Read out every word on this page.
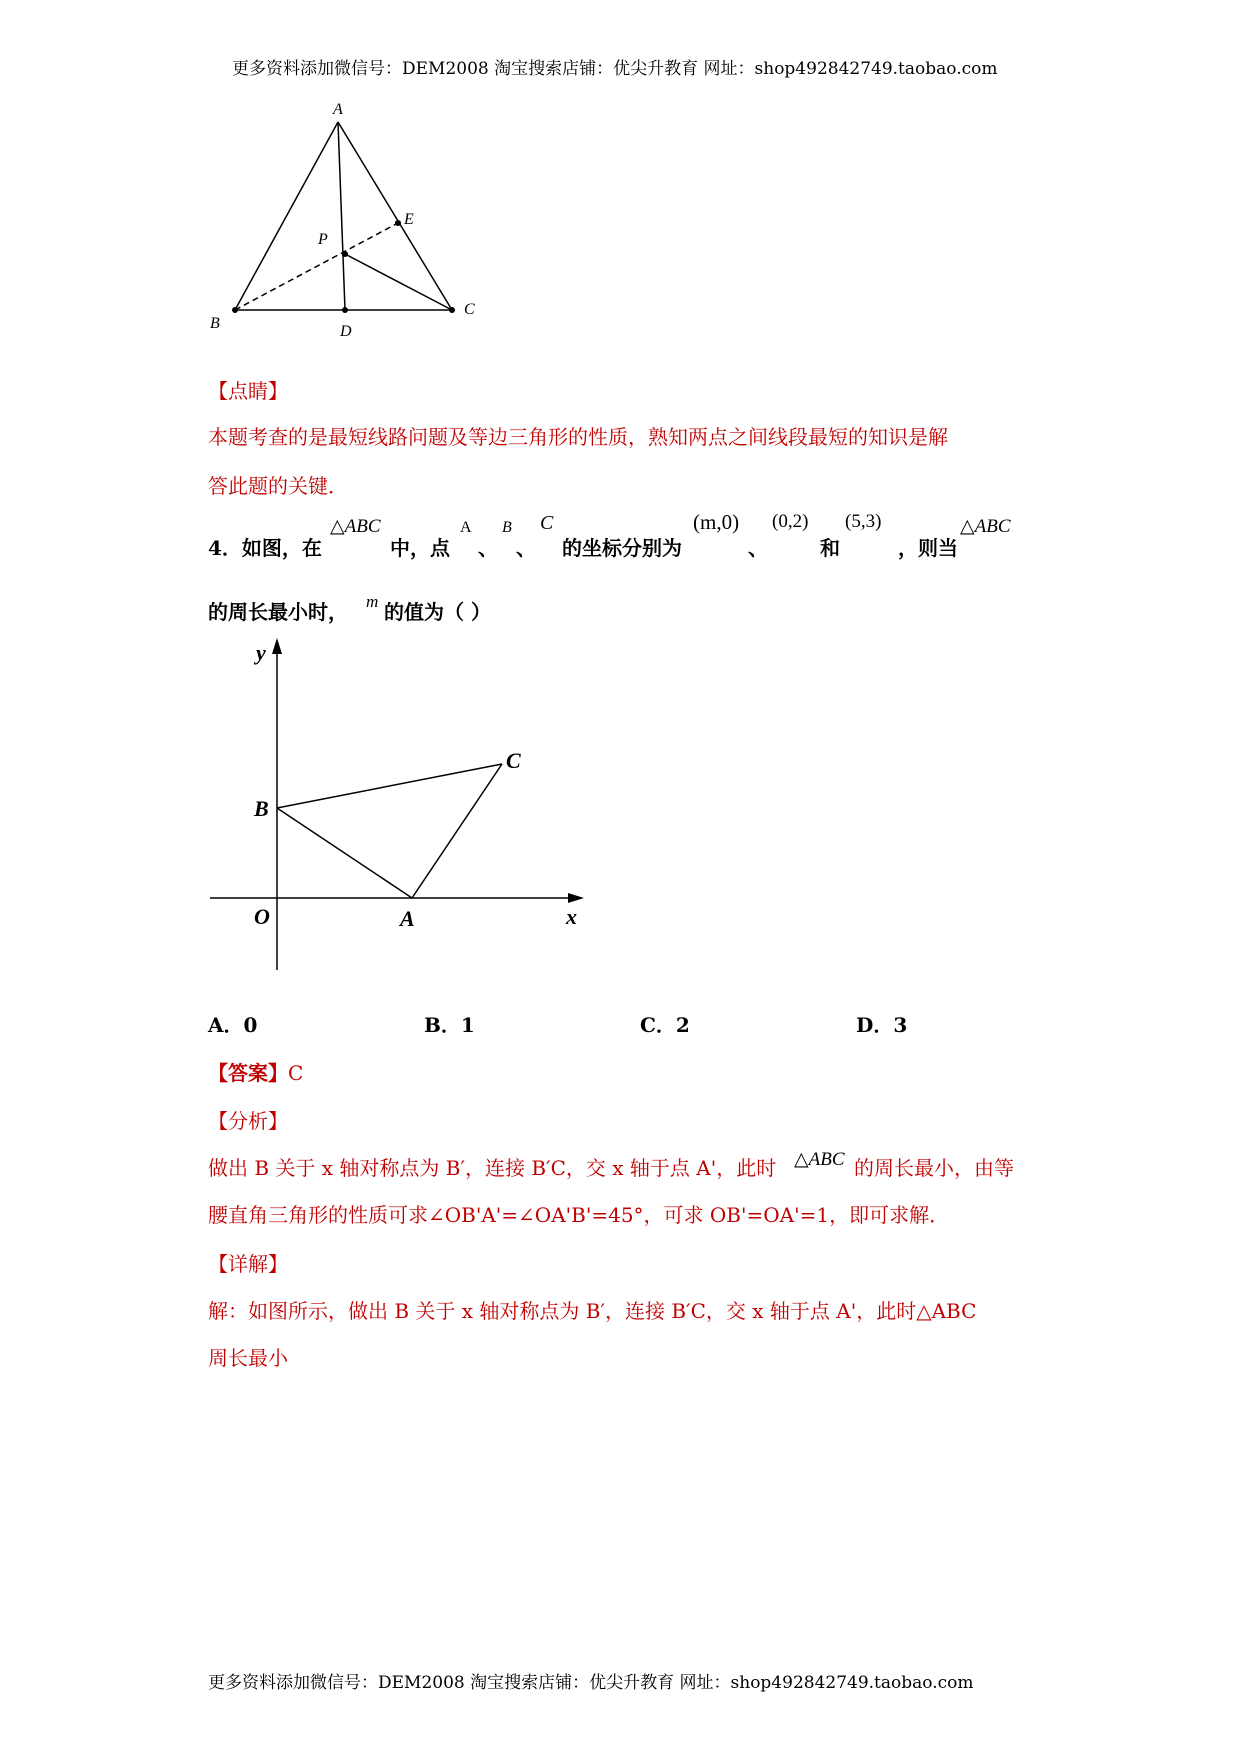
更多资料添加微信号：DEM2008 淘宝搜索店铺：优尖升教育 网址：shop492842749.taobao.com
A
E
P
B	D
C
【点睛】
本题考查的是最短线路问题及等边三角形的性质，熟知两点之间线段最短的知识是解
答此题的关键．
4．如图，在
△ABC
中，点
A
、
B
、
C
的坐标分别为
(m,0)
、
(0,2)
和
(5,3)
，则当
△ABC
的周长最小时， m 的值为（ ）
y
x
O	A
B
C
A．0	B．1	C．2	D．3
【答案】C
【分析】
做出 B 关于 x 轴对称点为 B′，连接 B′C，交 x 轴于点 A'，此时 △ABC 的周长最小，由等
腰直角三角形的性质可求∠OB'A'=∠OA'B'=45°，可求 OB'=OA'=1，即可求解．
【详解】
解：如图所示，做出 B 关于 x 轴对称点为 B′，连接 B′C，交 x 轴于点 A'，此时△ABC
周长最小
更多资料添加微信号：DEM2008 淘宝搜索店铺：优尖升教育 网址：shop492842749.taobao.com
